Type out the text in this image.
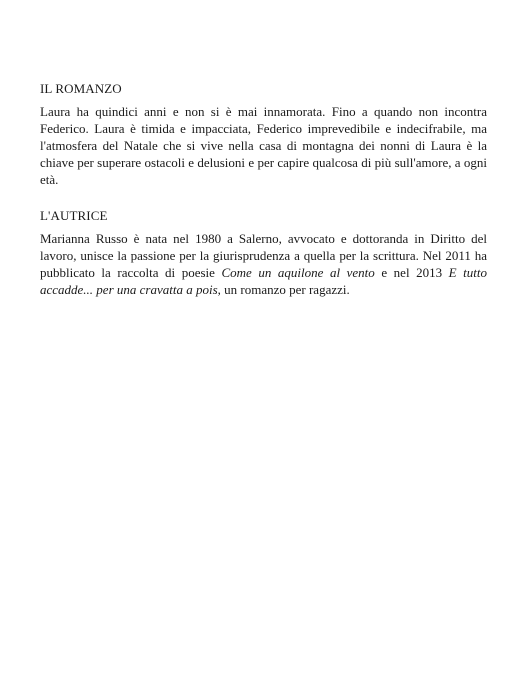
IL ROMANZO

Laura ha quindici anni e non si è mai innamorata. Fino a quando non incontra Federico. Laura è timida e impacciata, Federico imprevedibile e indecifrabile, ma l'atmosfera del Natale che si vive nella casa di montagna dei nonni di Laura è la chiave per superare ostacoli e delusioni e per capire qualcosa di più sull'amore, a ogni età.

L'AUTRICE

Marianna Russo è nata nel 1980 a Salerno, avvocato e dottoranda in Diritto del lavoro, unisce la passione per la giurisprudenza a quella per la scrittura. Nel 2011 ha pubblicato la raccolta di poesie Come un aquilone al vento e nel 2013 E tutto accadde... per una cravatta a pois, un romanzo per ragazzi.
